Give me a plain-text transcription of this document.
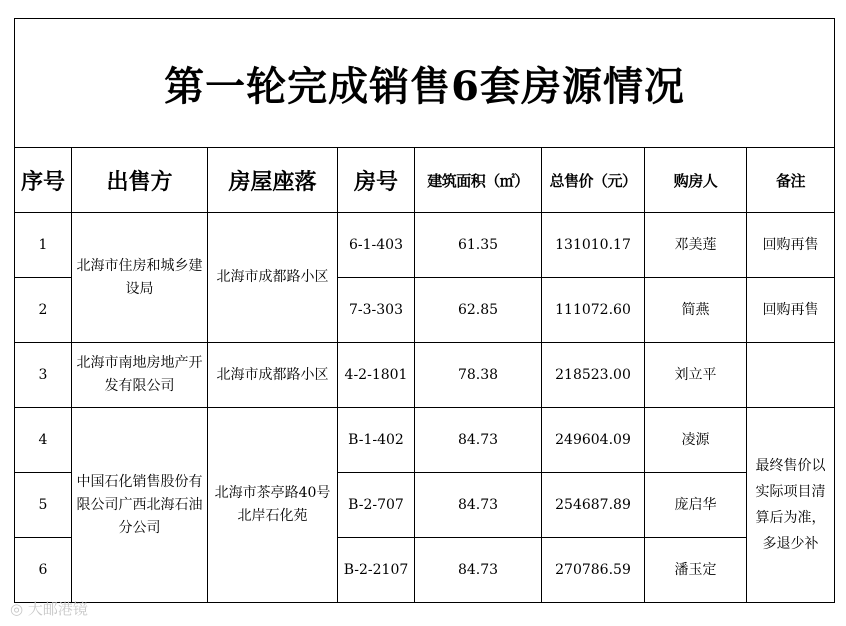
第一轮完成销售6套房源情况							
序号	出售方	房屋座落	房号	建筑面积（㎡）	总售价（元）	购房人	备注
1	北海市住房和城乡建设局	北海市成都路小区	6-1-403	61.35	131010.17	邓美莲	回购再售
2			7-3-303	62.85	111072.60	简燕	回购再售
3	北海市南地房地产开发有限公司	北海市成都路小区	4-2-1801	78.38	218523.00	刘立平	
4	中国石化销售股份有限公司广西北海石油分公司	北海市茶亭路40号北岸石化苑	B-1-402	84.73	249604.09	凌源	最终售价以实际项目清算后为准，多退少补
5			B-2-707	84.73	254687.89	庞启华	
6			B-2-2107	84.73	270786.59	潘玉定	
◎ 大邮港镜
